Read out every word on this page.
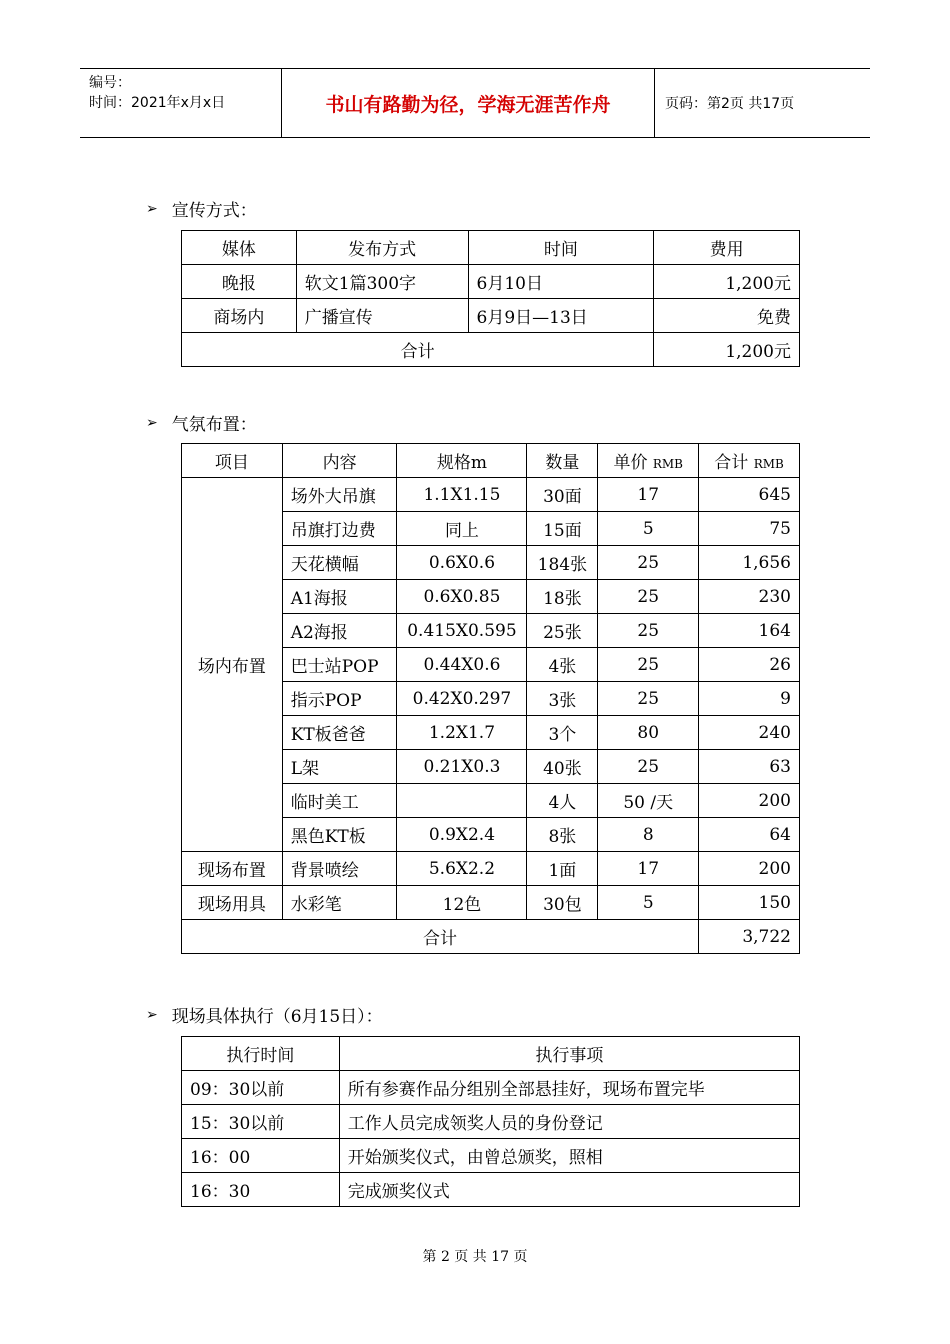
编号：
时间：2021年x月x日	书山有路勤为径，学海无涯苦作舟	页码：第2页 共17页
➢ 宣传方式：
媒体	发布方式	时间	费用
晚报	软文1篇300字	6月10日	1,200元
商场内	广播宣传	6月9日—13日	免费
合计			1,200元
➢ 气氛布置：
项目	内容	规格m	数量	单价 RMB	合计 RMB
场内布置	场外大吊旗	1.1X1.15	30面	17	645
	吊旗打边费	同上	15面	5	75
	天花横幅	0.6X0.6	184张	25	1,656
	A1海报	0.6X0.85	18张	25	230
	A2海报	0.415X0.595	25张	25	164
	巴士站POP	0.44X0.6	4张	25	26
	指示POP	0.42X0.297	3张	25	9
	KT板爸爸	1.2X1.7	3个	80	240
	L架	0.21X0.3	40张	25	63
	临时美工		4人	50 /天	200
	黑色KT板	0.9X2.4	8张	8	64
现场布置	背景喷绘	5.6X2.2	1面	17	200
现场用具	水彩笔	12色	30包	5	150
合计					3,722
➢ 现场具体执行（6月15日）：
执行时间	执行事项
09：30以前	所有参赛作品分组别全部悬挂好，现场布置完毕
15：30以前	工作人员完成领奖人员的身份登记
16：00	开始颁奖仪式，由曾总颁奖，照相
16：30	完成颁奖仪式
第 2 页 共 17 页
